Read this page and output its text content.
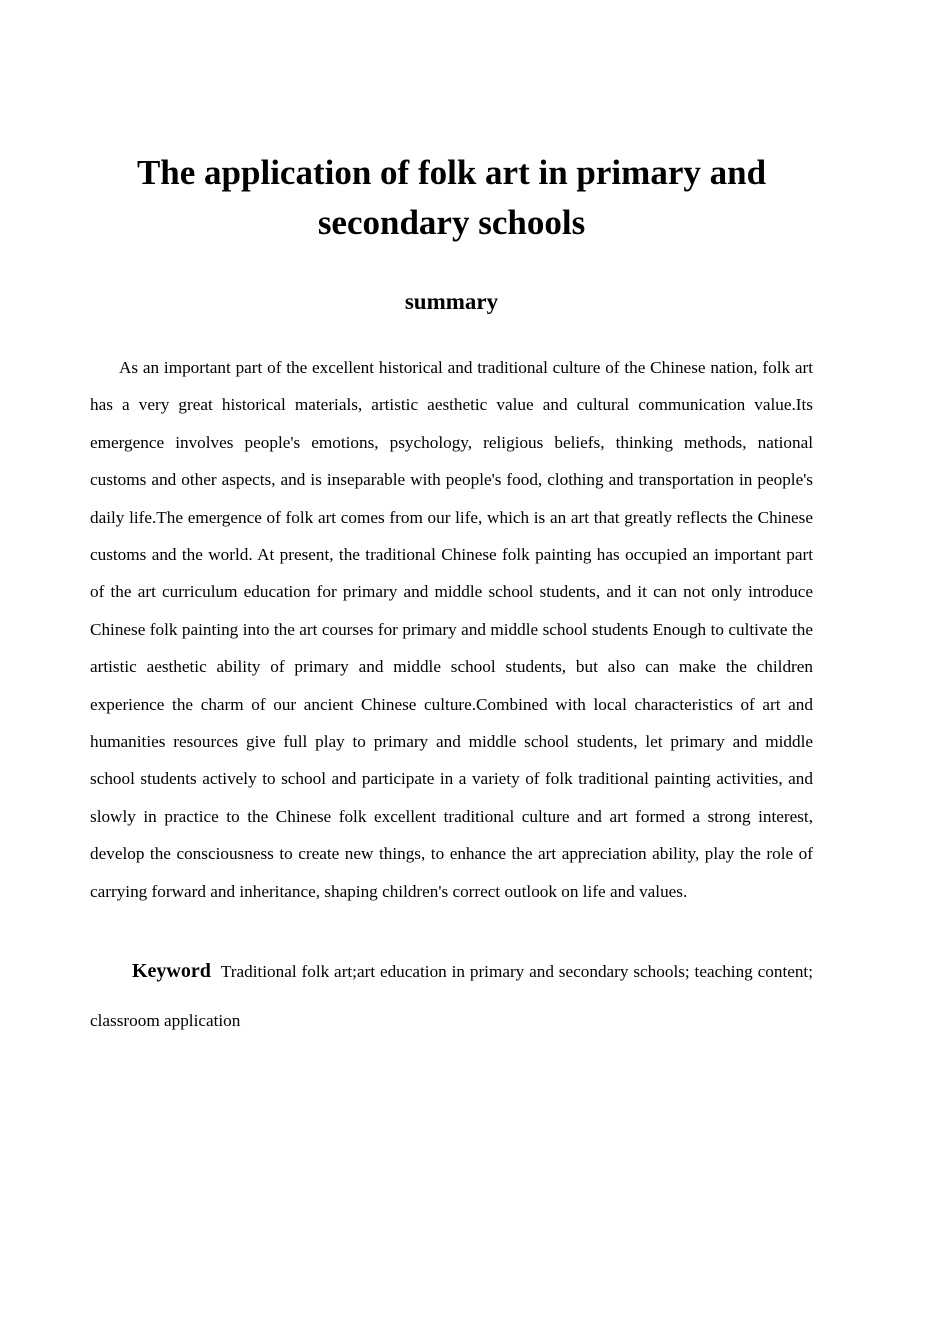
The application of folk art in primary and secondary schools
summary
As an important part of the excellent historical and traditional culture of the Chinese nation, folk art
has a very great historical materials, artistic aesthetic value and cultural communication value.Its
emergence involves people's emotions, psychology, religious beliefs, thinking methods, national
customs and other aspects, and is inseparable with people's food, clothing and transportation in people's
daily life.The emergence of folk art comes from our life, which is an art that greatly reflects the Chinese
customs and the world. At present, the traditional Chinese folk painting has occupied an important part
of the art curriculum education for primary and middle school students, and it can not only introduce
Chinese folk painting into the art courses for primary and middle school students Enough to cultivate the
artistic aesthetic ability of primary and middle school students, but also can make the children
experience the charm of our ancient Chinese culture.Combined with local characteristics of art and
humanities resources give full play to primary and middle school students, let primary and middle
school students actively to school and participate in a variety of folk traditional painting activities, and
slowly in practice to the Chinese folk excellent traditional culture and art formed a strong interest,
develop the consciousness to create new things, to enhance the art appreciation ability, play the role of
carrying forward and inheritance, shaping children's correct outlook on life and values.
Keyword Traditional folk art;art education in primary and secondary schools; teaching content;
classroom application
